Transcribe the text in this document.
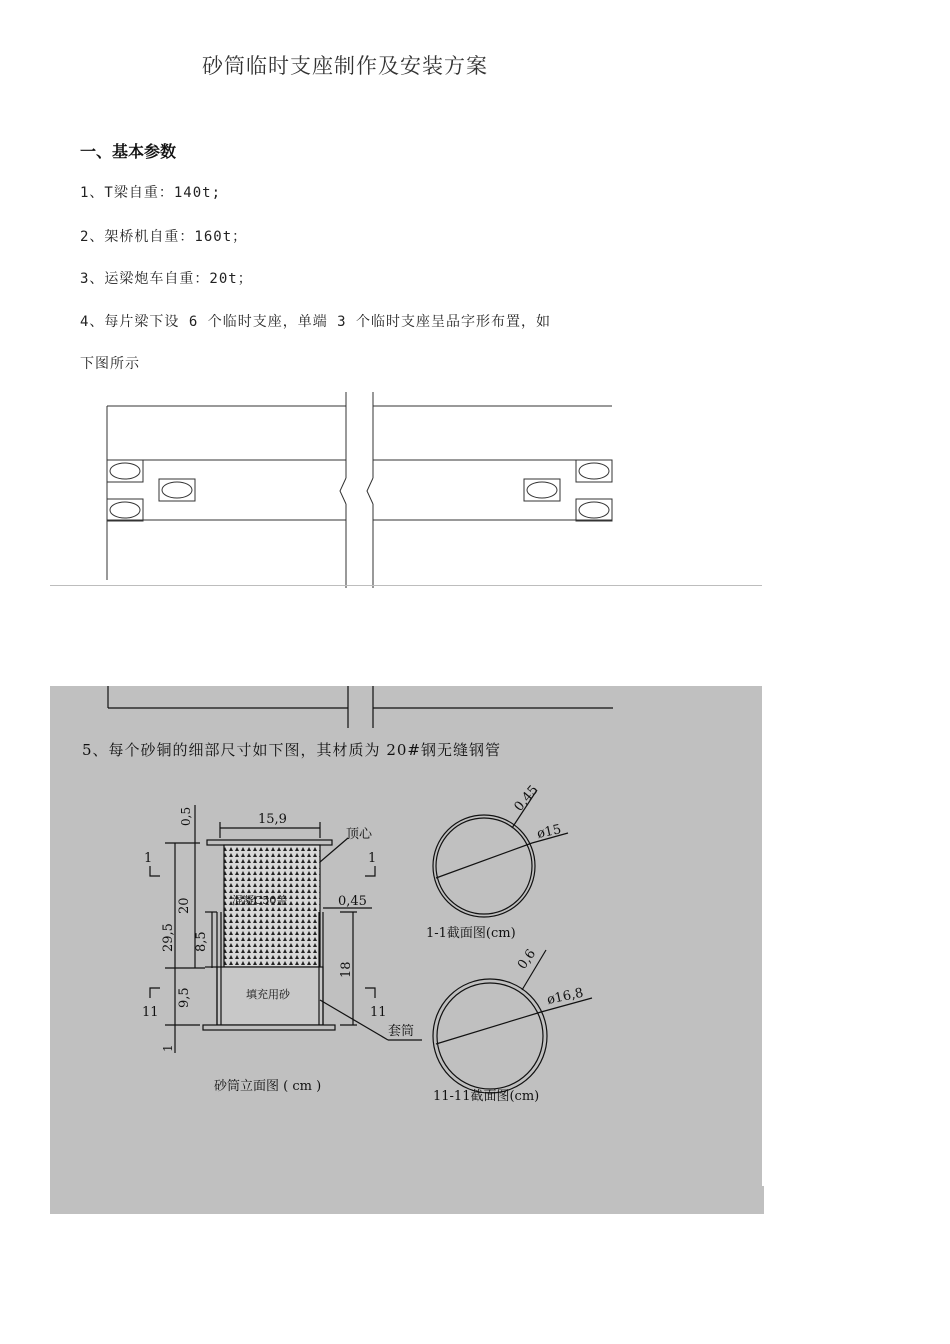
砂筒临时支座制作及安装方案
一、基本参数
1、T梁自重：140t;
2、架桥机自重：160t；
3、运梁炮车自重：20t；
4、每片梁下设 6 个临时支座，单端 3 个临时支座呈品字形布置，如
下图所示
5、每个砂铜的细部尺寸如下图，其材质为 20#钢无缝钢管
15,9
0,5
20
29,5 8,5
9,5
1
0,45
18
顶心
混凝C50盖
填充用砂
套筒
1	1
11	11
砂筒立面图 ( cm )
0,45
ø15
1-1截面图(cm)
0,6
ø16,8
11-11截面图(cm)
